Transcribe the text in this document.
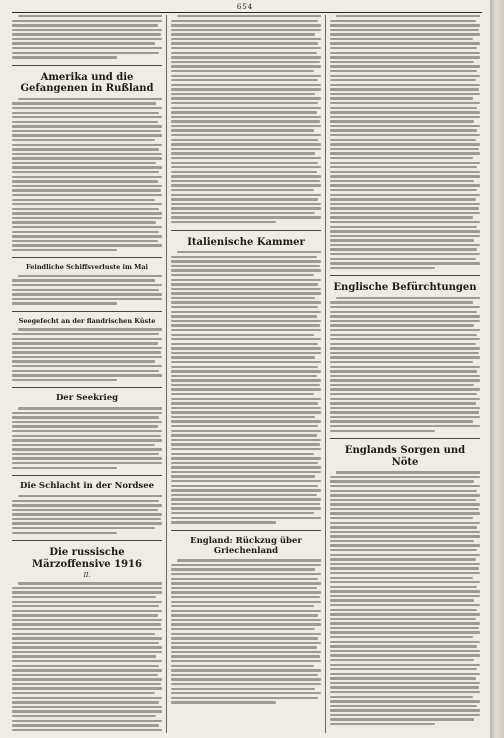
654
Amerika und die Gefangenen in Rußland
Feindliche Schiffsverluste im Mai
Seegefecht an der flandrischen Küste
Der Seekrieg
Die Schlacht in der Nordsee
Die russische Märzoffensive 1916
II.
Italienische Kammer
England: Rückzug über Griechenland
Englische Befürchtungen
Englands Sorgen und Nöte
